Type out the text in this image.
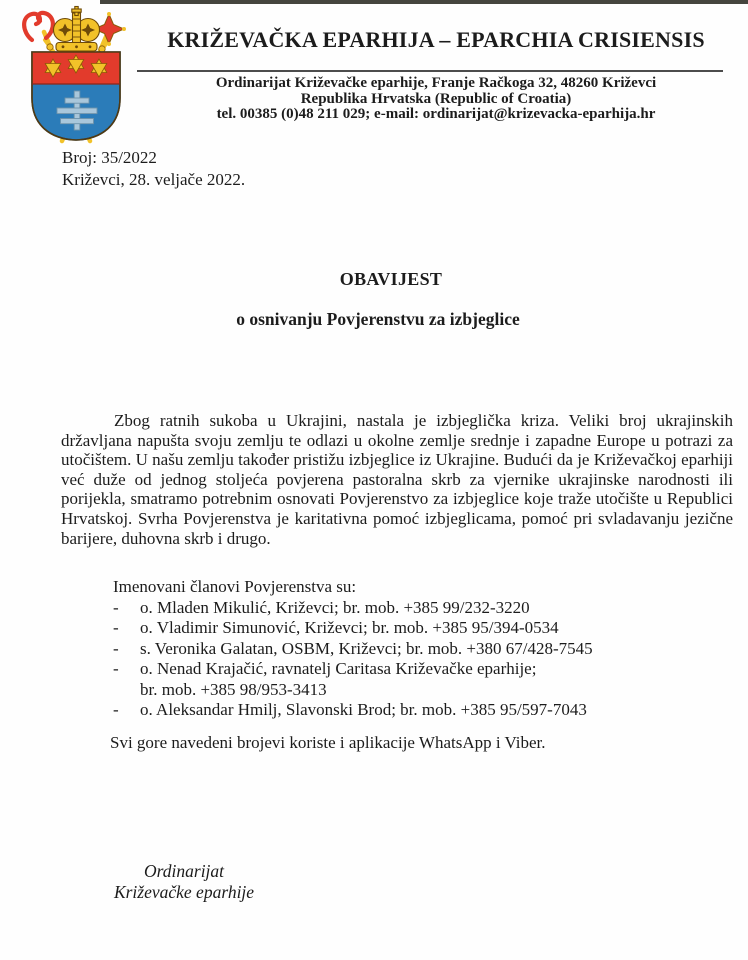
KRIŽEVAČKA EPARHIJA – EPARCHIA CRISIENSIS
Ordinarijat Križevačke eparhije, Franje Račkoga 32, 48260 Križevci
Republika Hrvatska (Republic of Croatia)
tel. 00385 (0)48 211 029; e-mail: ordinarijat@krizevacka-eparhija.hr
Broj: 35/2022
Križevci, 28. veljače 2022.
OBAVIJEST
o osnivanju Povjerenstvu za izbjeglice
Zbog ratnih sukoba u Ukrajini, nastala je izbjeglička kriza. Veliki broj ukrajinskih državljana napušta svoju zemlju te odlazi u okolne zemlje srednje i zapadne Europe u potrazi za utočištem. U našu zemlju također pristižu izbjeglice iz Ukrajine. Budući da je Križevačkoj eparhiji već duže od jednog stoljeća povjerena pastoralna skrb za vjernike ukrajinske narodnosti ili porijekla, smatramo potrebnim osnovati Povjerenstvo za izbjeglice koje traže utočište u Republici Hrvatskoj. Svrha Povjerenstva je karitativna pomoć izbjeglicama, pomoć pri svladavanju jezične barijere, duhovna skrb i drugo.
Imenovani članovi Povjerenstva su:
-	o. Mladen Mikulić, Križevci; br. mob. +385 99/232-3220
-	o. Vladimir Simunović, Križevci; br. mob. +385 95/394-0534
-	s. Veronika Galatan, OSBM, Križevci; br. mob. +380 67/428-7545
-	o. Nenad Krajačić, ravnatelj Caritasa Križevačke eparhije;
br. mob. +385 98/953-3413
-	o. Aleksandar Hmilj, Slavonski Brod; br. mob. +385 95/597-7043
Svi gore navedeni brojevi koriste i aplikacije WhatsApp i Viber.
Ordinarijat
Križevačke eparhije
